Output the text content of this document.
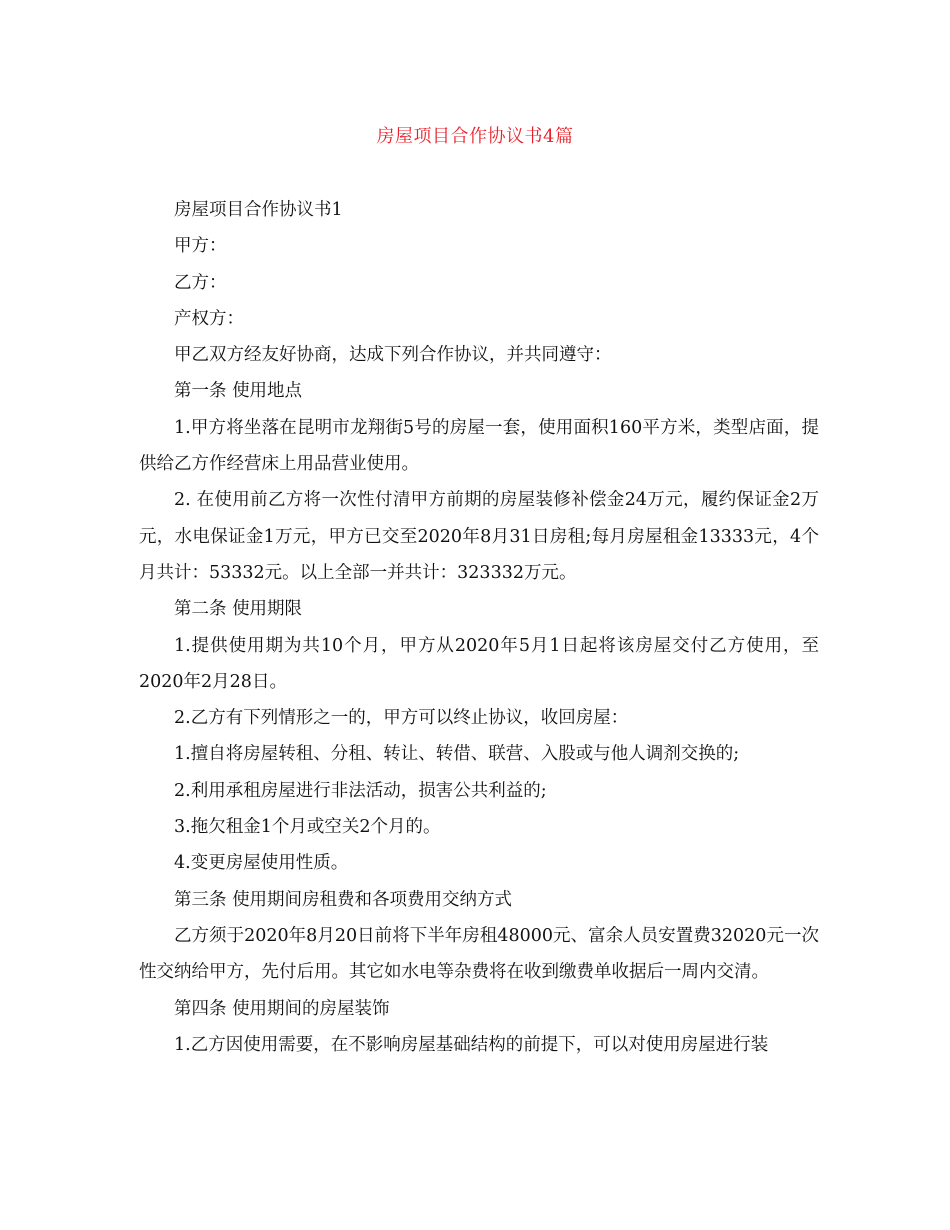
房屋项目合作协议书4篇

房屋项目合作协议书1

甲方：

乙方：

产权方：

甲乙双方经友好协商，达成下列合作协议，并共同遵守：

第一条 使用地点

1.甲方将坐落在昆明市龙翔街5号的房屋一套，使用面积160平方米，类型店面，提供给乙方作经营床上用品营业使用。

2. 在使用前乙方将一次性付清甲方前期的房屋装修补偿金24万元，履约保证金2万元，水电保证金1万元，甲方已交至2020年8月31日房租;每月房屋租金13333元，4个月共计：53332元。以上全部一并共计：323332万元。

第二条 使用期限

1.提供使用期为共10个月，甲方从2020年5月1日起将该房屋交付乙方使用，至2020年2月28日。

2.乙方有下列情形之一的，甲方可以终止协议，收回房屋：

1.擅自将房屋转租、分租、转让、转借、联营、入股或与他人调剂交换的;

2.利用承租房屋进行非法活动，损害公共利益的;

3.拖欠租金1个月或空关2个月的。

4.变更房屋使用性质。

第三条 使用期间房租费和各项费用交纳方式

乙方须于2020年8月20日前将下半年房租48000元、富余人员安置费32020元一次性交纳给甲方，先付后用。其它如水电等杂费将在收到缴费单收据后一周内交清。

第四条 使用期间的房屋装饰

1.乙方因使用需要，在不影响房屋基础结构的前提下，可以对使用房屋进行装
